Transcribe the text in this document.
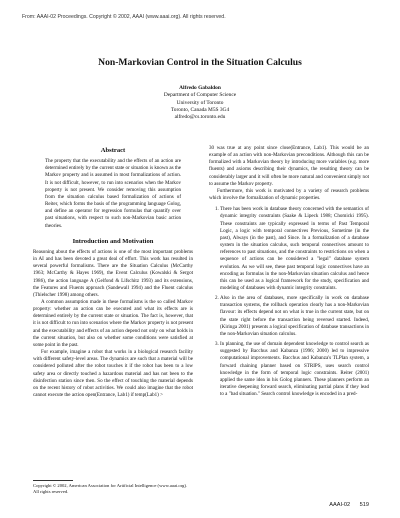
From: AAAI-02 Proceedings. Copyright © 2002, AAAI (www.aaai.org). All rights reserved.
Non-Markovian Control in the Situation Calculus
Alfredo Gabaldon
Department of Computer Science
University of Toronto
Toronto, Canada M5S 3G4
alfredo@cs.toronto.edu
Abstract

The property that the executability and the effects of an action are determined entirely by the current state or situation is known as the Markov property and is assumed in most formalizations of action. It is not difficult, however, to run into scenarios when the Markov property is not present. We consider removing this assumption from the situation calculus based formalization of actions of Reiter, which forms the basis of the programming language Golog, and define an operator for regression formulas that quantify over past situations, with respect to such non-Markovian basic action theories.

Introduction and Motivation

Reasoning about the effects of actions is one of the most important problems in AI and has been devoted a great deal of effort. This work has resulted in several powerful formalisms. There are the Situation Calculus (McCarthy 1963; McCarthy & Hayes 1969), the Event Calculus (Kowalski & Sergot 1986), the action language A (Gelfond & Lifschitz 1993) and its extensions, the Features and Fluents approach (Sandewall 1994) and the Fluent calculus (Thielscher 1998) among others.

A common assumption made in these formalisms is the so called Markov property: whether an action can be executed and what its effects are is determined entirely by the current state or situation. The fact is, however, that it is not difficult to run into scenarios where the Markov property is not present and the executability and effects of an action depend not only on what holds in the current situation, but also on whether some conditions were satisfied at some point in the past.

For example, imagine a robot that works in a biological research facility with different safety-level areas. The dynamics are such that a material will be considered polluted after the robot touches it if the robot has been to a low safety area or directly touched a hazardous material and has not been to the disinfection station since then. So the effect of touching the material depends on the recent history of robot activities. We could also imagine that the robot cannot execute the action open(Entrance, Lab1) if temp(Lab1) >

Copyright © 2002, American Association for Artificial Intelligence (www.aaai.org). All rights reserved.

30 was true at any point since close(Entrance, Lab1). This would be an example of an action with non-Markovian preconditions. Although this can be formalized with a Markovian theory by introducing more variables (e.g. more fluents) and axioms describing their dynamics, the resulting theory can be considerably larger and it will often be more natural and convenient simply not to assume the Markov property.

Furthermore, this work is motivated by a variety of research problems which involve the formalization of dynamic properties.

1. There has been work in database theory concerned with the semantics of dynamic integrity constraints (Saake & Lipeck 1988; Chomicki 1995). These constraints are typically expressed in terms of Past Temporal Logic, a logic with temporal connectives Previous, Sometime (in the past), Always (in the past), and Since. In a formalization of a database system in the situation calculus, such temporal connectives amount to references to past situations, and the constraints to restrictions on when a sequence of actions can be considered a "legal" database system evolution. As we will see, these past temporal logic connectives have an encoding as formulas in the non-Markovian situation calculus and hence this can be used as a logical framework for the study, specification and modeling of databases with dynamic integrity constraints.
2. Also in the area of databases, more specifically in work on database transaction systems, the rollback operation clearly has a non-Markovian flavour: its effects depend not on what is true in the current state, but on the state right before the transaction being reversed started. Indeed, (Kiringa 2001) presents a logical specification of database transactions in the non-Markovian situation calculus.
3. In planning, the use of domain dependent knowledge to control search as suggested by Bacchus and Kabanza (1996; 2000) led to impressive computational improvements. Bacchus and Kabanza's TLPlan system, a forward chaining planner based on STRIPS, uses search control knowledge in the form of temporal logic constraints. Reiter (2001) applied the same idea in his Golog planners. These planners perform an iterative deepening forward search, eliminating partial plans if they lead to a "bad situation." Search control knowledge is encoded in a pred-
AAAI-02 519
